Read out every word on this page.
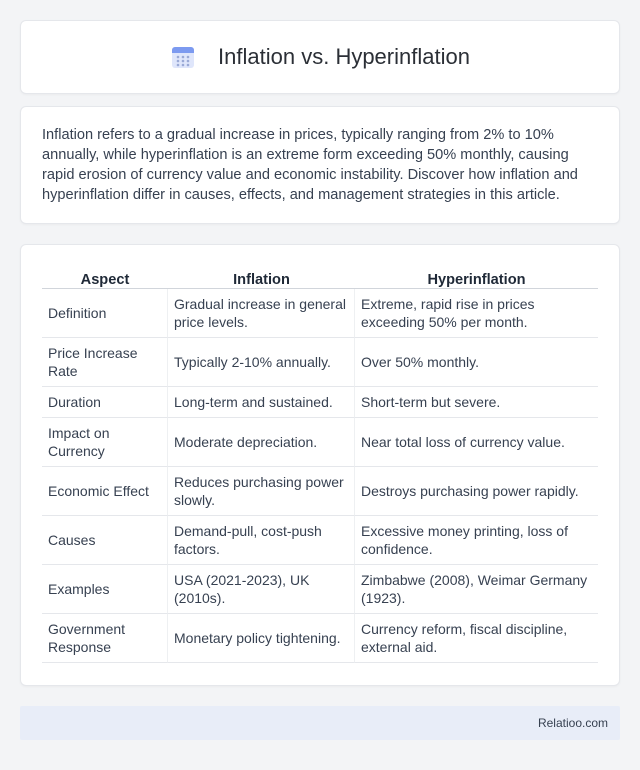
Inflation vs. Hyperinflation

Inflation refers to a gradual increase in prices, typically ranging from 2% to 10% annually, while hyperinflation is an extreme form exceeding 50% monthly, causing rapid erosion of currency value and economic instability. Discover how inflation and hyperinflation differ in causes, effects, and management strategies in this article.

Aspect	Inflation	Hyperinflation
Definition	Gradual increase in general price levels.	Extreme, rapid rise in prices exceeding 50% per month.
Price Increase Rate	Typically 2-10% annually.	Over 50% monthly.
Duration	Long-term and sustained.	Short-term but severe.
Impact on Currency	Moderate depreciation.	Near total loss of currency value.
Economic Effect	Reduces purchasing power slowly.	Destroys purchasing power rapidly.
Causes	Demand-pull, cost-push factors.	Excessive money printing, loss of confidence.
Examples	USA (2021-2023), UK (2010s).	Zimbabwe (2008), Weimar Germany (1923).
Government Response	Monetary policy tightening.	Currency reform, fiscal discipline, external aid.
Relatioo.com
